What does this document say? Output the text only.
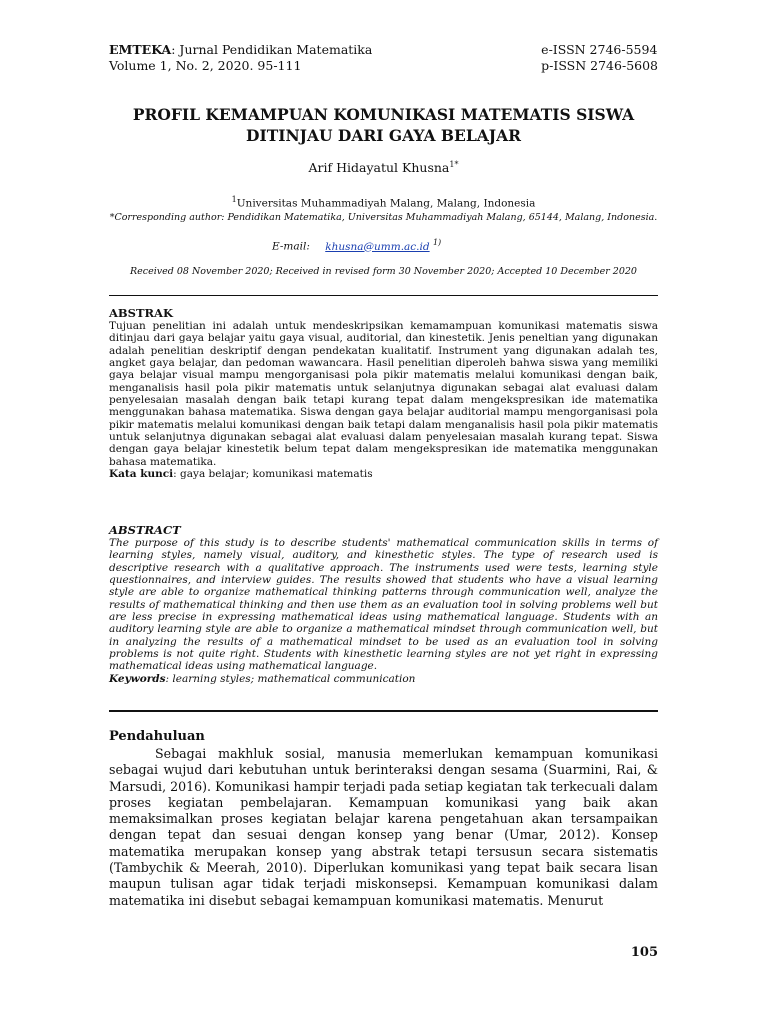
EMTEKA: Jurnal Pendidikan Matematika
Volume 1, No. 2, 2020. 95-111
e-ISSN 2746-5594
p-ISSN 2746-5608
PROFIL KEMAMPUAN KOMUNIKASI MATEMATIS SISWA DITINJAU DARI GAYA BELAJAR
Arif Hidayatul Khusna$^{1*}$
$^1$Universitas Muhammadiyah Malang, Malang, Indonesia
*Corresponding author: Pendidikan Matematika, Universitas Muhammadiyah Malang, 65144, Malang, Indonesia.
E-mail: khusna@umm.ac.id $^{1)}$
Received 08 November 2020; Received in revised form 30 November 2020; Accepted 10 December 2020
ABSTRAK

Tujuan penelitian ini adalah untuk mendeskripsikan kemamampuan komunikasi matematis siswa ditinjau dari gaya belajar yaitu gaya visual, auditorial, dan kinestetik. Jenis peneltian yang digunakan adalah penelitian deskriptif dengan pendekatan kualitatif. Instrument yang digunakan adalah tes, angket gaya belajar, dan pedoman wawancara. Hasil penelitian diperoleh bahwa siswa yang memiliki gaya belajar visual mampu mengorganisasi pola pikir matematis melalui komunikasi dengan baik, menganalisis hasil pola pikir matematis untuk selanjutnya digunakan sebagai alat evaluasi dalam penyelesaian masalah dengan baik tetapi kurang tepat dalam mengekspresikan ide matematika menggunakan bahasa matematika. Siswa dengan gaya belajar auditorial mampu mengorganisasi pola pikir matematis melalui komunikasi dengan baik tetapi dalam menganalisis hasil pola pikir matematis untuk selanjutnya digunakan sebagai alat evaluasi dalam penyelesaian masalah kurang tepat. Siswa dengan gaya belajar kinestetik belum tepat dalam mengekspresikan ide matematika menggunakan bahasa matematika.

Kata kunci: gaya belajar; komunikasi matematis
ABSTRACT

The purpose of this study is to describe students' mathematical communication skills in terms of learning styles, namely visual, auditory, and kinesthetic styles. The type of research used is descriptive research with a qualitative approach. The instruments used were tests, learning style questionnaires, and interview guides. The results showed that students who have a visual learning style are able to organize mathematical thinking patterns through communication well, analyze the results of mathematical thinking and then use them as an evaluation tool in solving problems well but are less precise in expressing mathematical ideas using mathematical language. Students with an auditory learning style are able to organize a mathematical mindset through communication well, but in analyzing the results of a mathematical mindset to be used as an evaluation tool in solving problems is not quite right. Students with kinesthetic learning styles are not yet right in expressing mathematical ideas using mathematical language.

Keywords: learning styles; mathematical communication
Pendahuluan

Sebagai makhluk sosial, manusia memerlukan kemampuan komunikasi sebagai wujud dari kebutuhan untuk berinteraksi dengan sesama (Suarmini, Rai, & Marsudi, 2016). Komunikasi hampir terjadi pada setiap kegiatan tak terkecuali dalam proses kegiatan pembelajaran. Kemampuan komunikasi yang baik akan memaksimalkan proses kegiatan belajar karena pengetahuan akan tersampaikan dengan tepat dan sesuai dengan konsep yang benar (Umar, 2012). Konsep matematika merupakan konsep yang abstrak tetapi tersusun secara sistematis (Tambychik & Meerah, 2010). Diperlukan komunikasi yang tepat baik secara lisan maupun tulisan agar tidak terjadi miskonsepsi. Kemampuan komunikasi dalam matematika ini disebut sebagai kemampuan komunikasi matematis. Menurut

105
